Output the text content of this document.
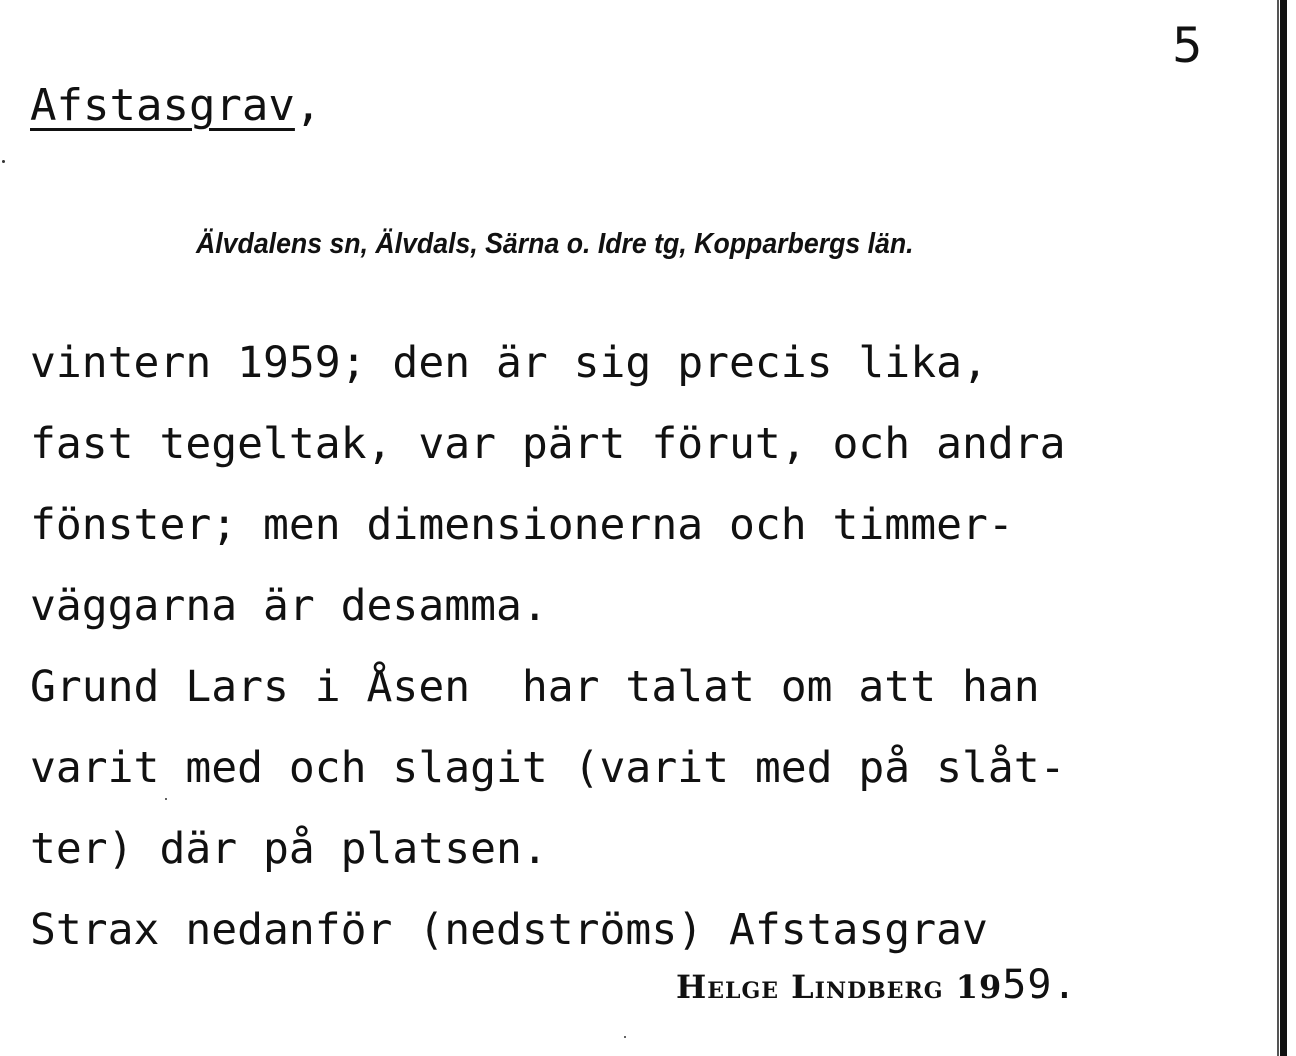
5
Afstasgrav,
Älvdalens sn, Älvdals, Särna o. Idre tg, Kopparbergs län.
vintern 1959; den är sig precis lika,
fast tegeltak, var pärt förut, och andra
fönster; men dimensionerna och timmer-
väggarna är desamma.
Grund Lars i Åsen  har talat om att han
varit med och slagit (varit med på slåt-
ter) där på platsen.
Strax nedanför (nedströms) Afstasgrav
Helge Lindberg 1959.
